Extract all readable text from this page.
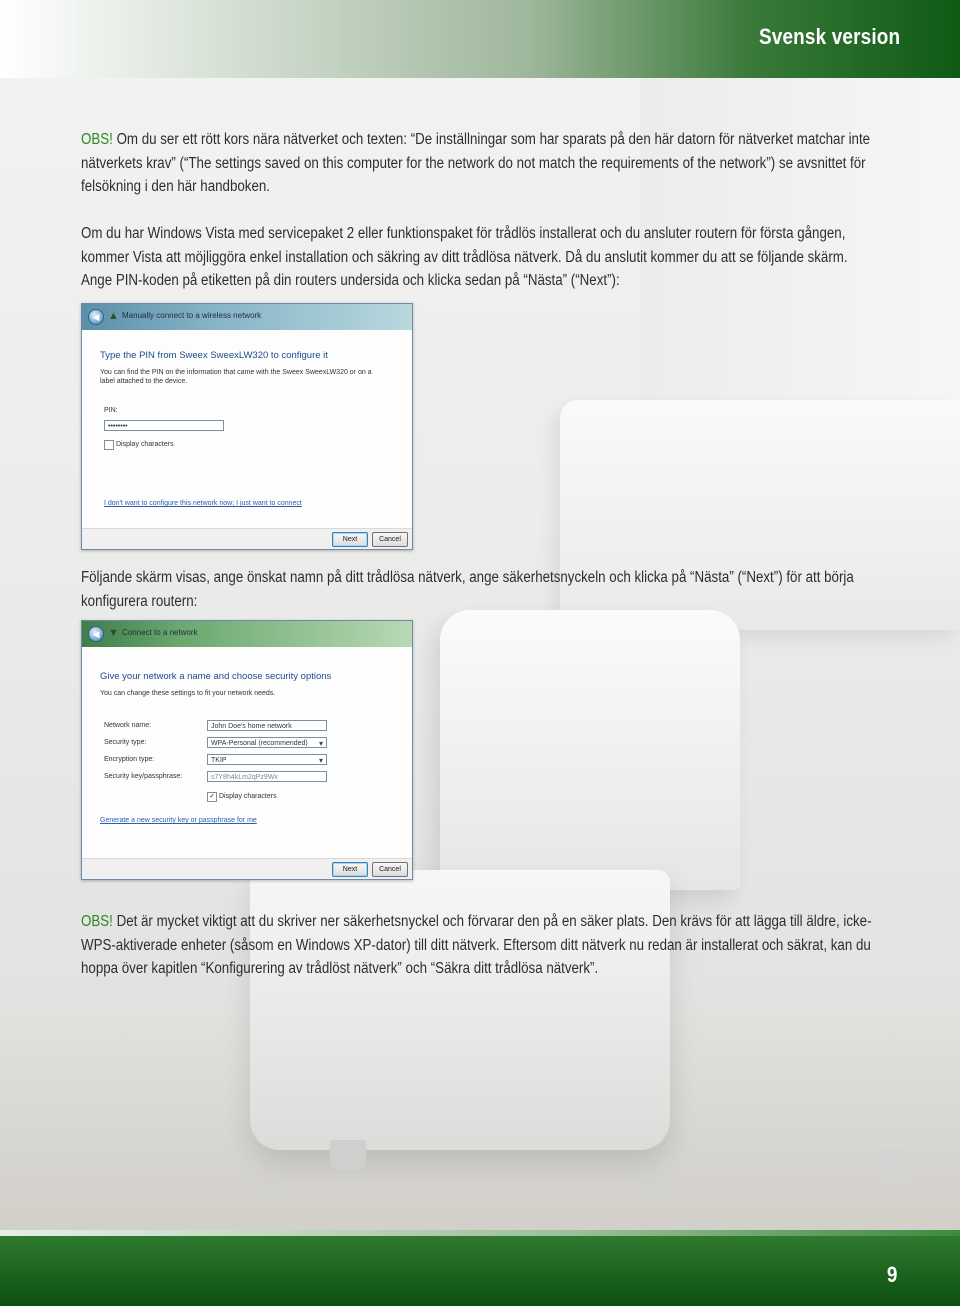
Svensk version

OBS! Om du ser ett rött kors nära nätverket och texten: “De inställningar som har sparats på den här datorn för nätverket matchar inte nätverkets krav” (“The settings saved on this computer for the network do not match the requirements of the network”) se avsnittet för felsökning i den här handboken.

Om du har Windows Vista med servicepaket 2 eller funktionspaket för trådlös installerat och du ansluter routern för första gången, kommer Vista att möjliggöra enkel installation och säkring av ditt trådlösa nätverk. Då du anslutit kommer du att se följande skärm. Ange PIN-koden på etiketten på din routers undersida och klicka sedan på “Nästa” (“Next”):

◀ ▲ Manually connect to a wireless network
Type the PIN from Sweex SweexLW320 to configure it
You can find the PIN on the information that came with the Sweex SweexLW320 or on a label attached to the device.
PIN:
••••••••
Display characters
I don't want to configure this network now; I just want to connect
Next	Cancel

Följande skärm visas, ange önskat namn på ditt trådlösa nätverk, ange säkerhetsnyckeln och klicka på “Nästa” (“Next”) för att börja konfigurera routern:

◀ ▼ Connect to a network
Give your network a name and choose security options
You can change these settings to fit your network needs.
Network name:	John Doe's home network
Security type:	WPA-Personal (recommended) ▾
Encryption type:	TKIP ▾
Security key/passphrase:	s7Y8h4kLm2qPz9Wx
✓ Display characters
Generate a new security key or passphrase for me
Next	Cancel

OBS! Det är mycket viktigt att du skriver ner säkerhetsnyckel och förvarar den på en säker plats. Den krävs för att lägga till äldre, icke-WPS-aktiverade enheter (såsom en Windows XP-dator) till ditt nätverk. Eftersom ditt nätverk nu redan är installerat och säkrat, kan du hoppa över kapitlen “Konfigurering av trådlöst nätverk” och “Säkra ditt trådlösa nätverk”.

9
